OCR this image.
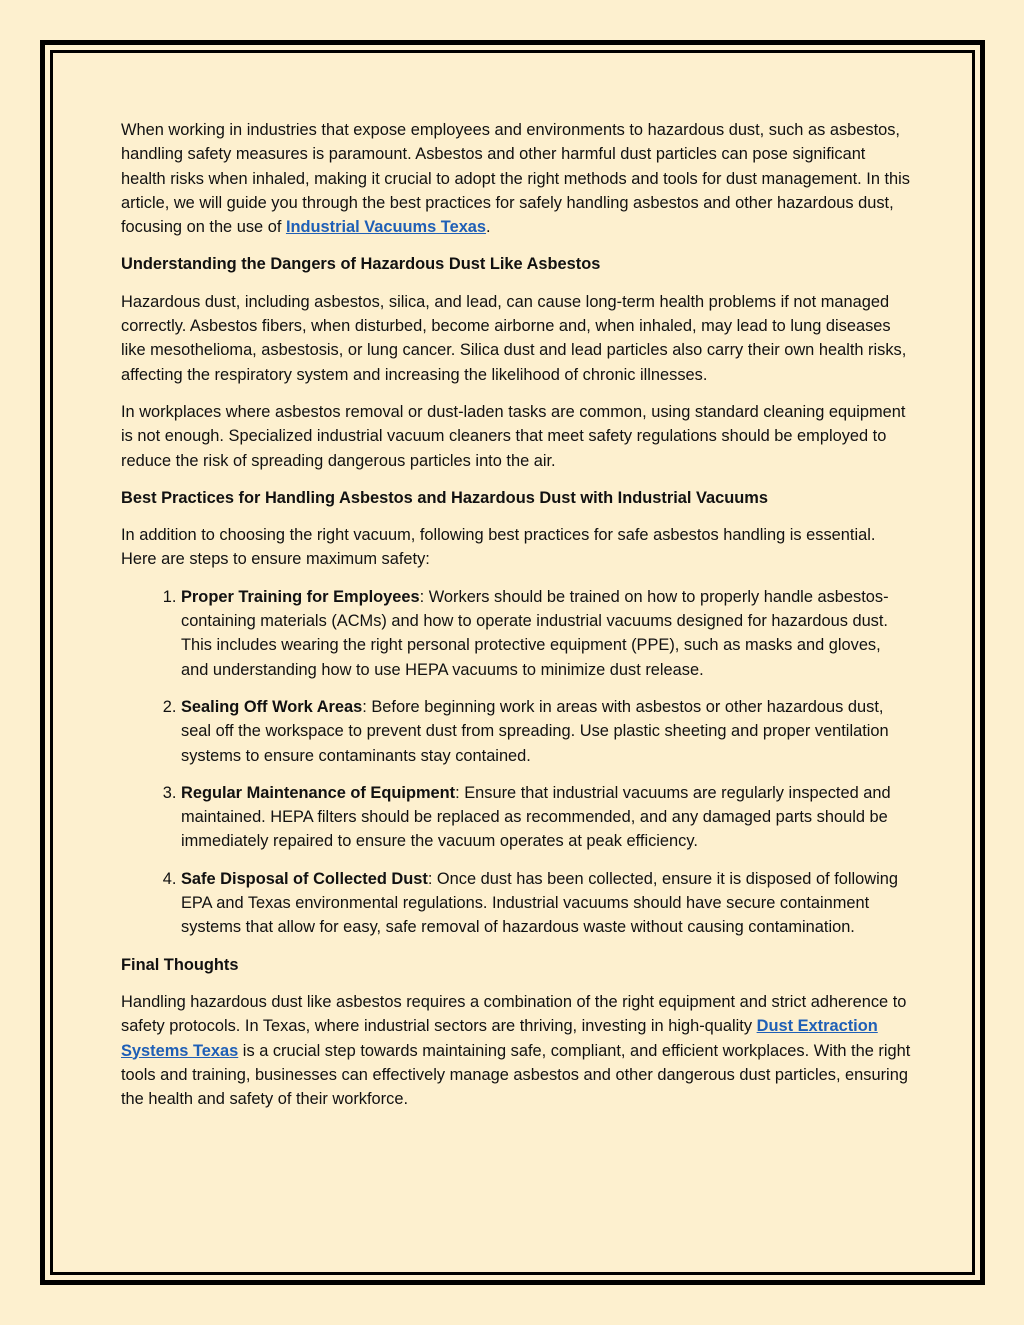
When working in industries that expose employees and environments to hazardous dust, such as asbestos, handling safety measures is paramount. Asbestos and other harmful dust particles can pose significant health risks when inhaled, making it crucial to adopt the right methods and tools for dust management. In this article, we will guide you through the best practices for safely handling asbestos and other hazardous dust, focusing on the use of Industrial Vacuums Texas.

Understanding the Dangers of Hazardous Dust Like Asbestos

Hazardous dust, including asbestos, silica, and lead, can cause long-term health problems if not managed correctly. Asbestos fibers, when disturbed, become airborne and, when inhaled, may lead to lung diseases like mesothelioma, asbestosis, or lung cancer. Silica dust and lead particles also carry their own health risks, affecting the respiratory system and increasing the likelihood of chronic illnesses.

In workplaces where asbestos removal or dust-laden tasks are common, using standard cleaning equipment is not enough. Specialized industrial vacuum cleaners that meet safety regulations should be employed to reduce the risk of spreading dangerous particles into the air.

Best Practices for Handling Asbestos and Hazardous Dust with Industrial Vacuums

In addition to choosing the right vacuum, following best practices for safe asbestos handling is essential. Here are steps to ensure maximum safety:

1. Proper Training for Employees: Workers should be trained on how to properly handle asbestos-containing materials (ACMs) and how to operate industrial vacuums designed for hazardous dust. This includes wearing the right personal protective equipment (PPE), such as masks and gloves, and understanding how to use HEPA vacuums to minimize dust release.
2. Sealing Off Work Areas: Before beginning work in areas with asbestos or other hazardous dust, seal off the workspace to prevent dust from spreading. Use plastic sheeting and proper ventilation systems to ensure contaminants stay contained.
3. Regular Maintenance of Equipment: Ensure that industrial vacuums are regularly inspected and maintained. HEPA filters should be replaced as recommended, and any damaged parts should be immediately repaired to ensure the vacuum operates at peak efficiency.
4. Safe Disposal of Collected Dust: Once dust has been collected, ensure it is disposed of following EPA and Texas environmental regulations. Industrial vacuums should have secure containment systems that allow for easy, safe removal of hazardous waste without causing contamination.

Final Thoughts

Handling hazardous dust like asbestos requires a combination of the right equipment and strict adherence to safety protocols. In Texas, where industrial sectors are thriving, investing in high-quality Dust Extraction Systems Texas is a crucial step towards maintaining safe, compliant, and efficient workplaces. With the right tools and training, businesses can effectively manage asbestos and other dangerous dust particles, ensuring the health and safety of their workforce.
